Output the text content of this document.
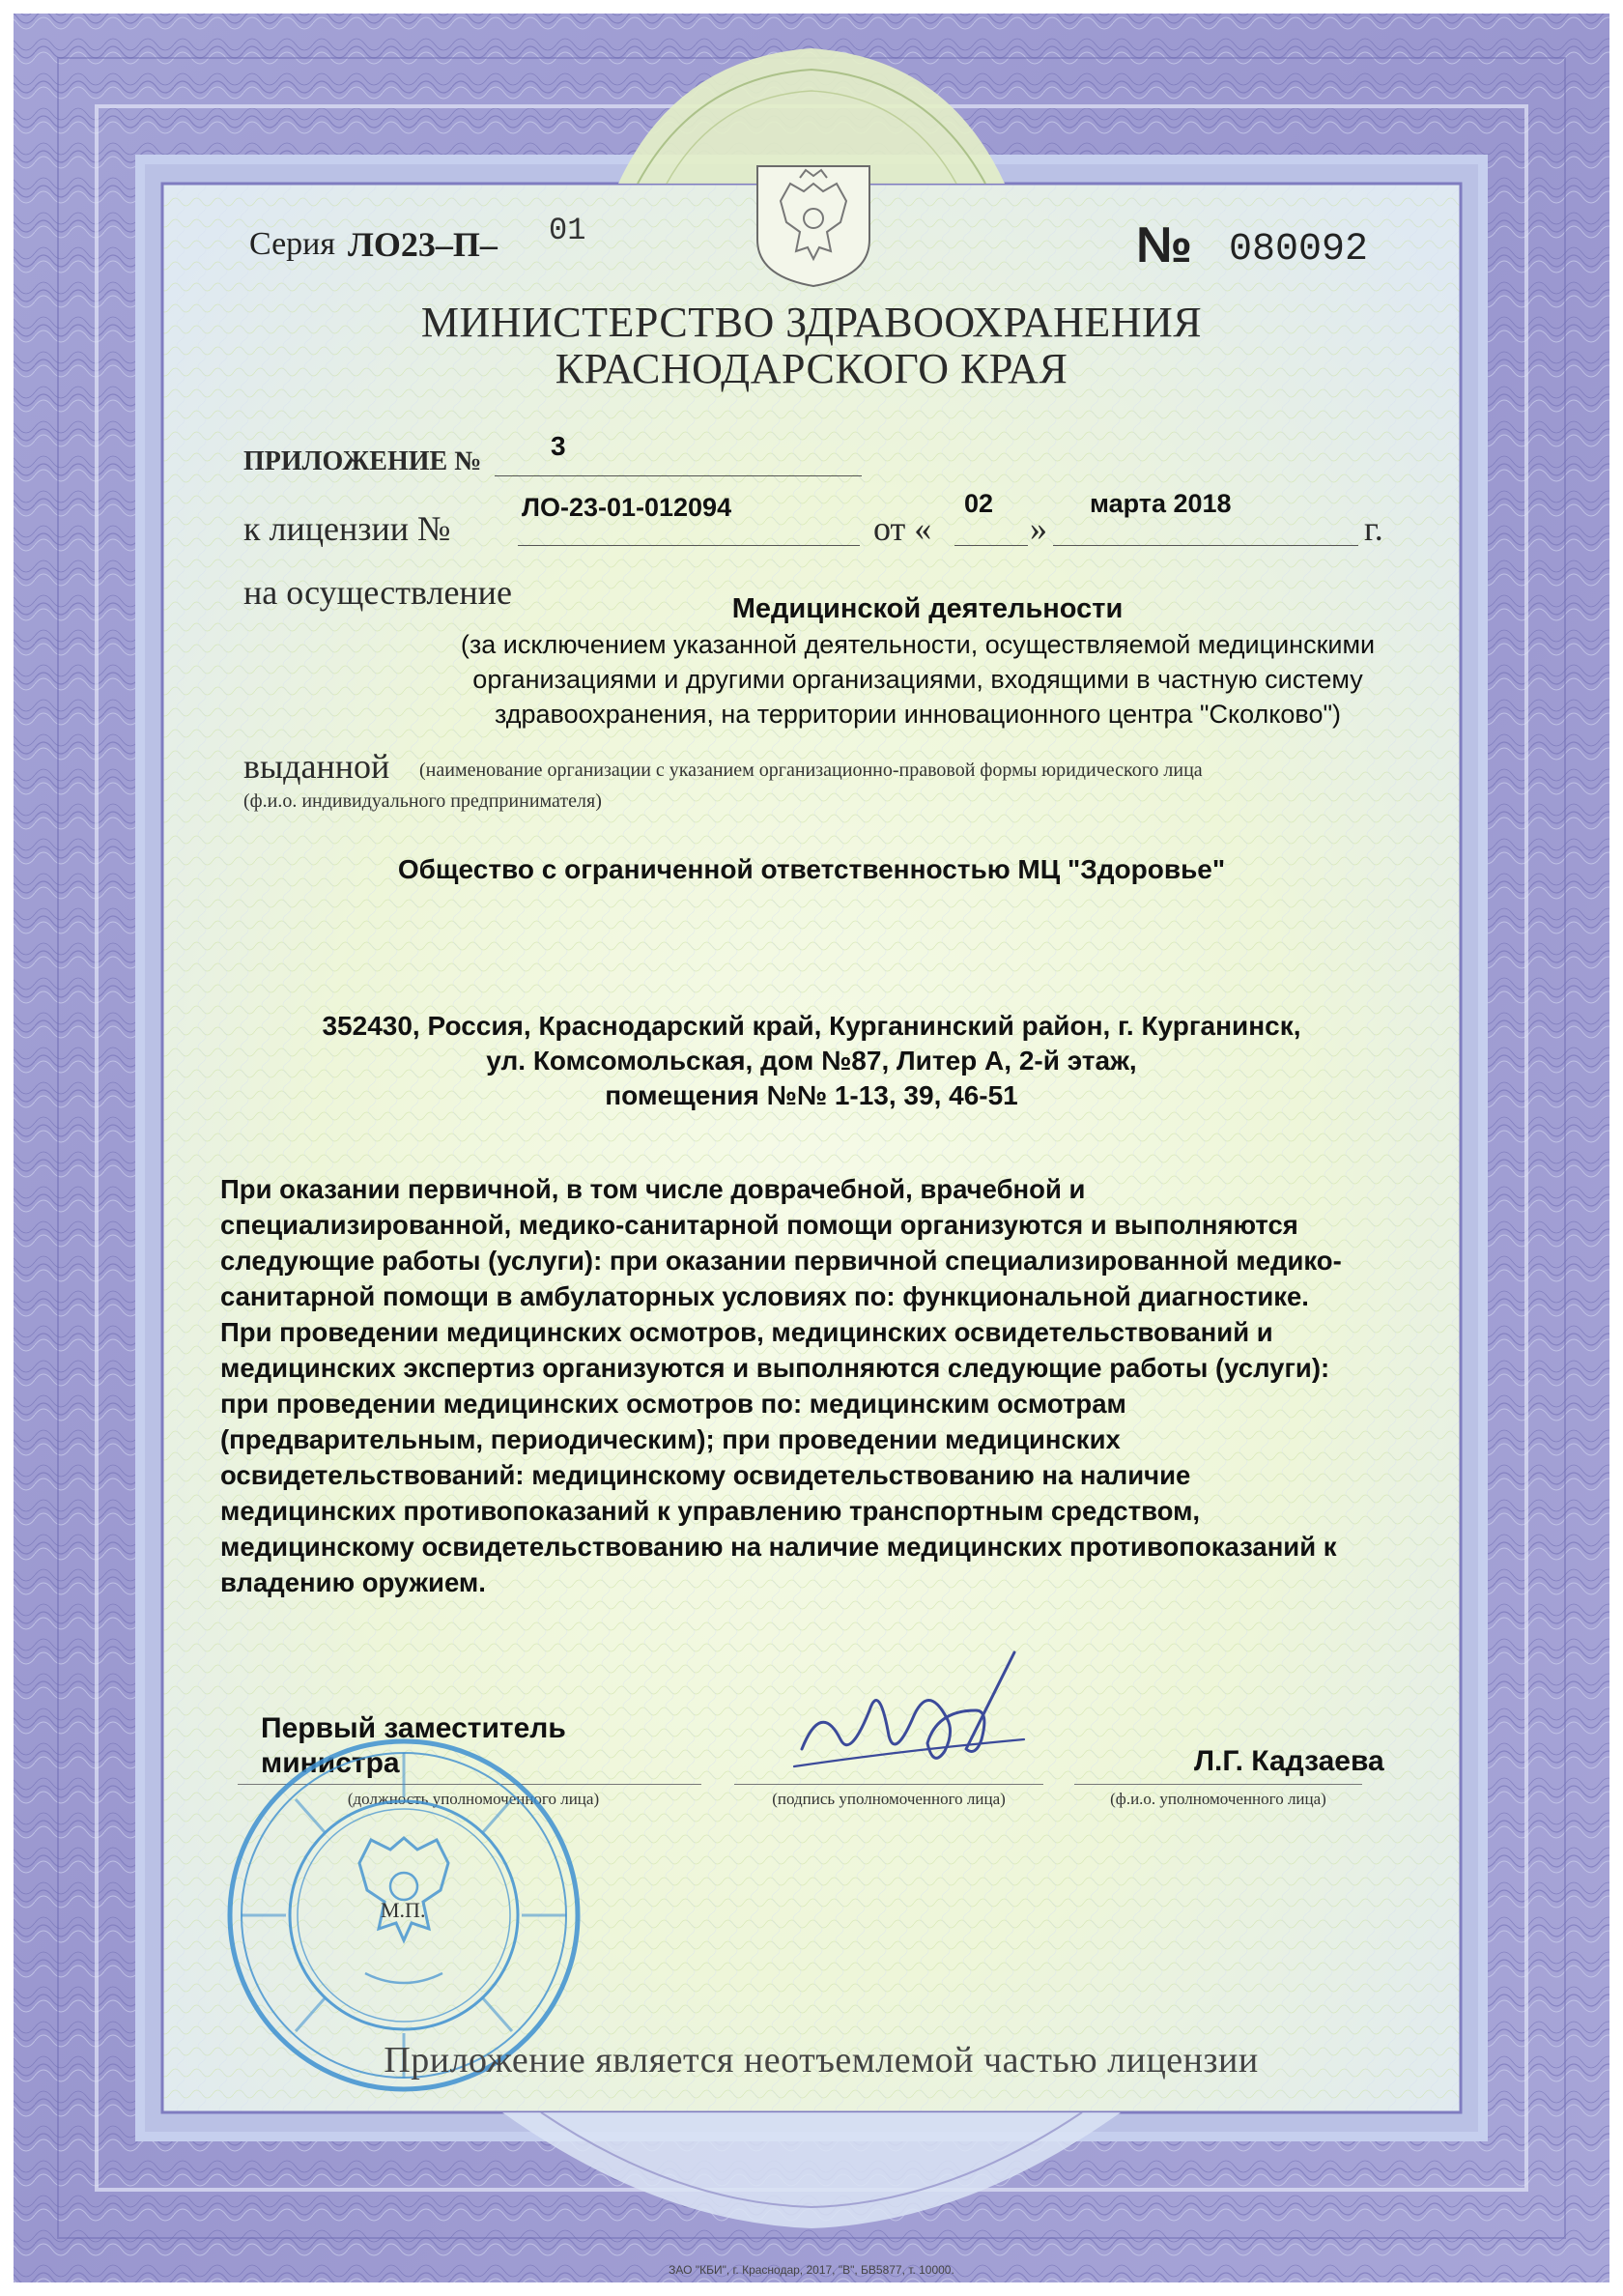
Серия ЛО23–П– 01	№ 080092
МИНИСТЕРСТВО ЗДРАВООХРАНЕНИЯ
КРАСНОДАРСКОГО КРАЯ
ПРИЛОЖЕНИЕ №
3
к лицензии №
ЛО-23-01-012094
от «
02
»
марта 2018
г.
на осуществление	Медицинской деятельности
(за исключением указанной деятельности, осуществляемой медицинскими
организациями и другими организациями, входящими в частную систему
здравоохранения, на территории инновационного центра "Сколково")
выданной (наименование организации с указанием организационно-правовой формы юридического лица
(ф.и.о. индивидуального предпринимателя)
Общество с ограниченной ответственностью МЦ "Здоровье"
352430, Россия, Краснодарский край, Курганинский район, г. Курганинск,
ул. Комсомольская, дом №87, Литер А, 2-й этаж,
помещения №№ 1-13, 39, 46-51
При оказании первичной, в том числе доврачебной, врачебной и
специализированной, медико-санитарной помощи организуются и выполняются
следующие работы (услуги): при оказании первичной специализированной медико-
санитарной помощи в амбулаторных условиях по: функциональной диагностике.
При проведении медицинских осмотров, медицинских освидетельствований и
медицинских экспертиз организуются и выполняются следующие работы (услуги):
при проведении медицинских осмотров по: медицинским осмотрам
(предварительным, периодическим); при проведении медицинских
освидетельствований: медицинскому освидетельствованию на наличие
медицинских противопоказаний к управлению транспортным средством,
медицинскому освидетельствованию на наличие медицинских противопоказаний к
владению оружием.
Первый заместитель
министра
(должность уполномоченного лица)	(подпись уполномоченного лица)
Л.Г. Кадзаева
(ф.и.о. уполномоченного лица)
М.П.
Приложение является неотъемлемой частью лицензии
ЗАО "КБИ", г. Краснодар, 2017, "В", БВ5877, т. 10000.
